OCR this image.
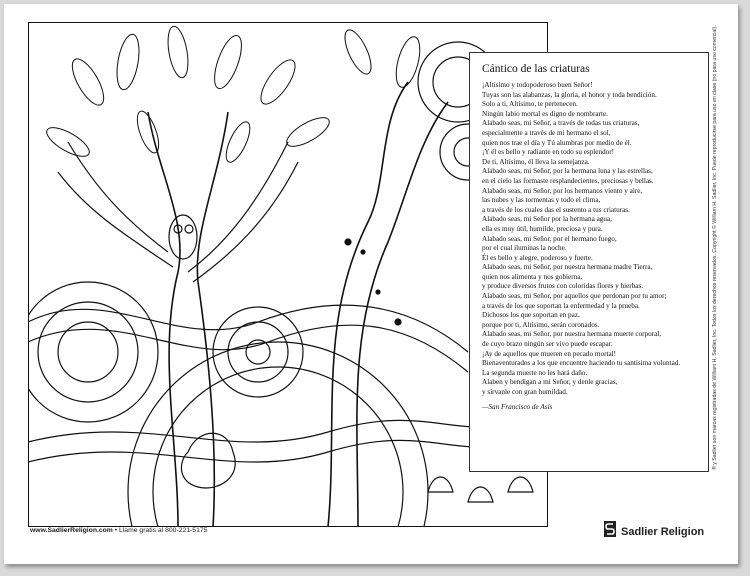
Cántico de las criaturas
¡Altísimo y todopoderoso buen Señor!
Tuyas son las alabanzas, la gloria, el honor y toda bendición.
Solo a ti, Altísimo, te pertenecen.
Ningún labio mortal es digno de nombrarte.
Alabado seas, mi Señor, a través de todas tus criaturas,
especialmente a través de mi hermano el sol,
quien nos trae el día y Tú alumbras por medio de él.
¡Y él es bello y radiante en todo su esplendor!
De ti, Altísimo, él lleva la semejanza.
Alabado seas, mi Señor, por la hermana luna y las estrellas,
en el cielo las formaste resplandecientes, preciosas y bellas.
Alabado seas, mi Señor, por los hermanos viento y aire,
las nubes y las tormentas y todo el clima,
a través de los cuales das el sustento a tus criaturas.
Alabado seas, mi Señor por la hermana agua,
ella es muy útil, humilde, preciosa y pura.
Alabado seas, mi Señor, por el hermano fuego,
por el cual iluminas la noche.
Él es bello y alegre, poderoso y fuerte.
Alabado seas, mi Señor, por nuestra hermana madre Tierra,
quien nos alimenta y nos gobierna,
y produce diversos frutos con coloridas flores y hierbas.
Alabado seas, mi Señor, por aquellos que perdonan por tu amor;
a través de los que soportan la enfermedad y la prueba.
Dichosos los que soportan en paz,
porque por ti, Altísimo, serán coronados.
Alabado seas, mi Señor, por nuestra hermana muerte corporal,
de cuyo brazo ningún ser vivo puede escapar.
¡Ay de aquellos que mueren en pecado mortal!
Bienaventurados a los que encuentre haciendo tu santísima voluntad.
La segunda muerte no les hará daño.
Alaben y bendigan a mi Señor, y denle gracias,
y sírvanle con gran humildad.
—San Francisco de Asís	® y Sadlier son marcas registradas de William H. Sadlier, Inc. Todos los derechos reservados. Copyright © William H. Sadlier, Inc. Puede reproducirse para uso en clase (no para uso comercial).
www.SadlierReligion.com • Llame gratis al 800-221-5175	Sadlier Religion
